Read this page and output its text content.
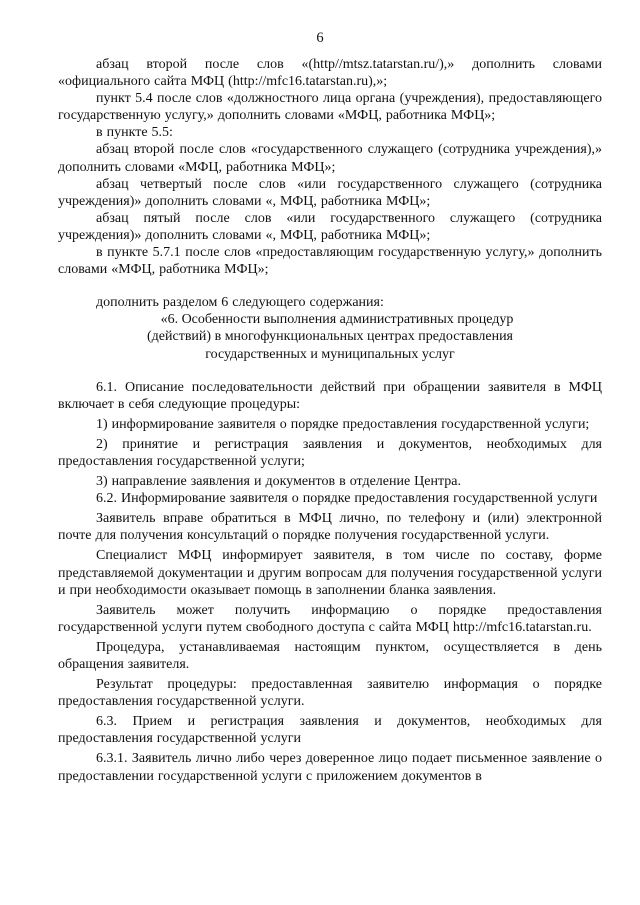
6

абзац второй после слов «(http//mtsz.tatarstan.ru/),» дополнить словами «официального сайта МФЦ (http://mfc16.tatarstan.ru),»;

пункт 5.4 после слов «должностного лица органа (учреждения), предоставляющего государственную услугу,» дополнить словами «МФЦ, работника МФЦ»;

в пункте 5.5:

абзац второй после слов «государственного служащего (сотрудника учреждения),» дополнить словами «МФЦ, работника МФЦ»;

абзац четвертый после слов «или государственного служащего (сотрудника учреждения)» дополнить словами «, МФЦ, работника МФЦ»;

абзац пятый после слов «или государственного служащего (сотрудника учреждения)» дополнить словами «, МФЦ, работника МФЦ»;

в пункте 5.7.1 после слов «предоставляющим государственную услугу,» дополнить словами «МФЦ, работника МФЦ»;

дополнить разделом 6 следующего содержания:

«6. Особенности выполнения административных процедур

(действий) в многофункциональных центрах предоставления

государственных и муниципальных услуг

6.1. Описание последовательности действий при обращении заявителя в МФЦ включает в себя следующие процедуры:

1) информирование заявителя о порядке предоставления государственной услуги;

2) принятие и регистрация заявления и документов, необходимых для предоставления государственной услуги;

3) направление заявления и документов в отделение Центра.

6.2. Информирование заявителя о порядке предоставления государственной услуги

Заявитель вправе обратиться в МФЦ лично, по телефону и (или) электронной почте для получения консультаций о порядке получения государственной услуги.

Специалист МФЦ информирует заявителя, в том числе по составу, форме представляемой документации и другим вопросам для получения государственной услуги и при необходимости оказывает помощь в заполнении бланка заявления.

Заявитель может получить информацию о порядке предоставления государственной услуги путем свободного доступа с сайта МФЦ http://mfc16.tatarstan.ru.

Процедура, устанавливаемая настоящим пунктом, осуществляется в день обращения заявителя.

Результат процедуры: предоставленная заявителю информация о порядке предоставления государственной услуги.

6.3. Прием и регистрация заявления и документов, необходимых для предоставления государственной услуги

6.3.1. Заявитель лично либо через доверенное лицо подает письменное заявление о предоставлении государственной услуги с приложением документов в
